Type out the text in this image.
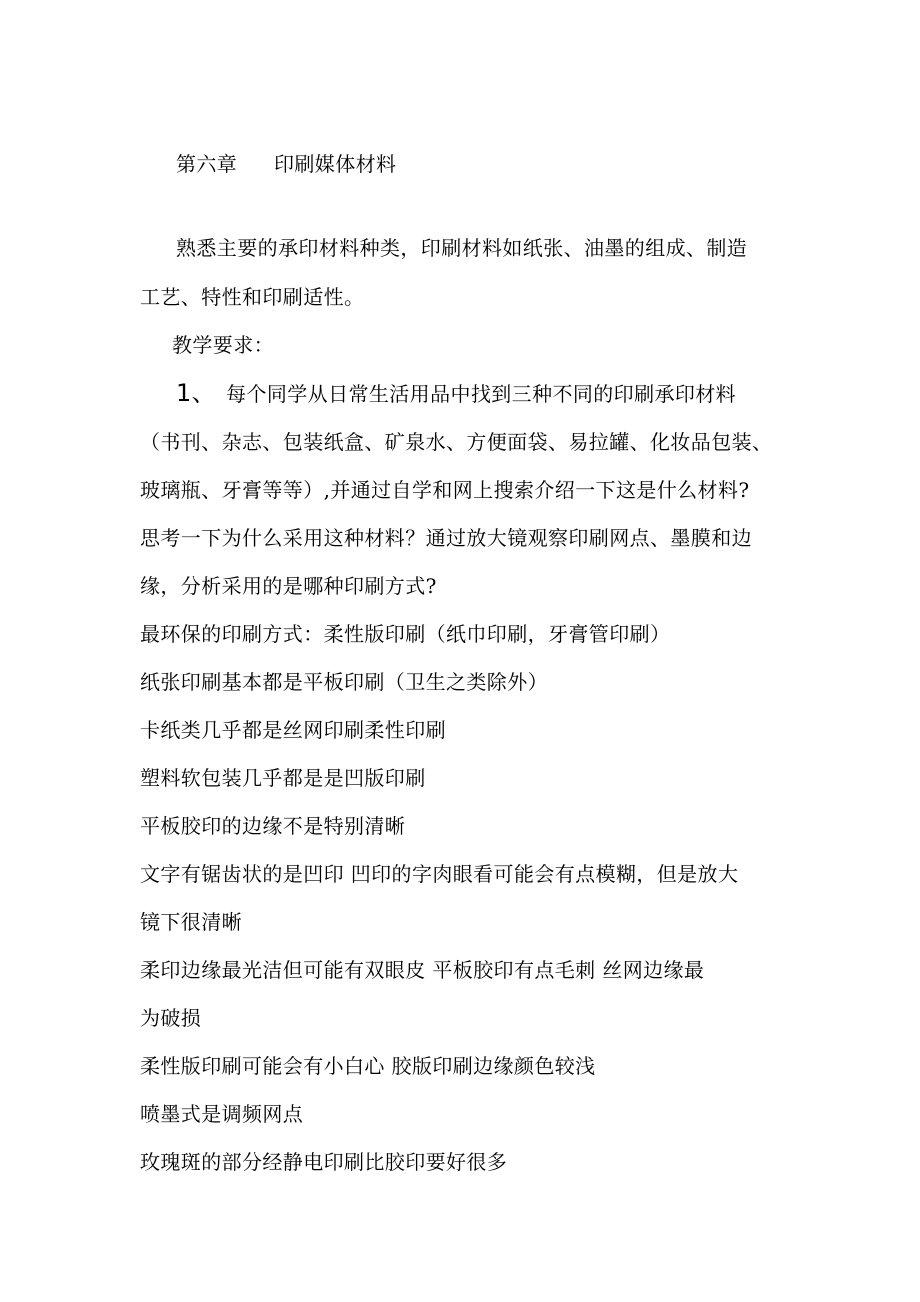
第六章 印刷媒体材料
熟悉主要的承印材料种类，印刷材料如纸张、油墨的组成、制造
工艺、特性和印刷适性。
教学要求：
1、 每个同学从日常生活用品中找到三种不同的印刷承印材料
（书刊、杂志、包装纸盒、矿泉水、方便面袋、易拉罐、化妆品包装、
玻璃瓶、牙膏等等）,并通过自学和网上搜索介绍一下这是什么材料?
思考一下为什么采用这种材料？通过放大镜观察印刷网点、墨膜和边
缘，分析采用的是哪种印刷方式?
最环保的印刷方式：柔性版印刷（纸巾印刷，牙膏管印刷）
纸张印刷基本都是平板印刷（卫生之类除外）
卡纸类几乎都是丝网印刷柔性印刷
塑料软包装几乎都是是凹版印刷
平板胶印的边缘不是特别清晰
文字有锯齿状的是凹印 凹印的字肉眼看可能会有点模糊，但是放大
镜下很清晰
柔印边缘最光洁但可能有双眼皮 平板胶印有点毛刺 丝网边缘最
为破损
柔性版印刷可能会有小白心 胶版印刷边缘颜色较浅
喷墨式是调频网点
玫瑰斑的部分经静电印刷比胶印要好很多
